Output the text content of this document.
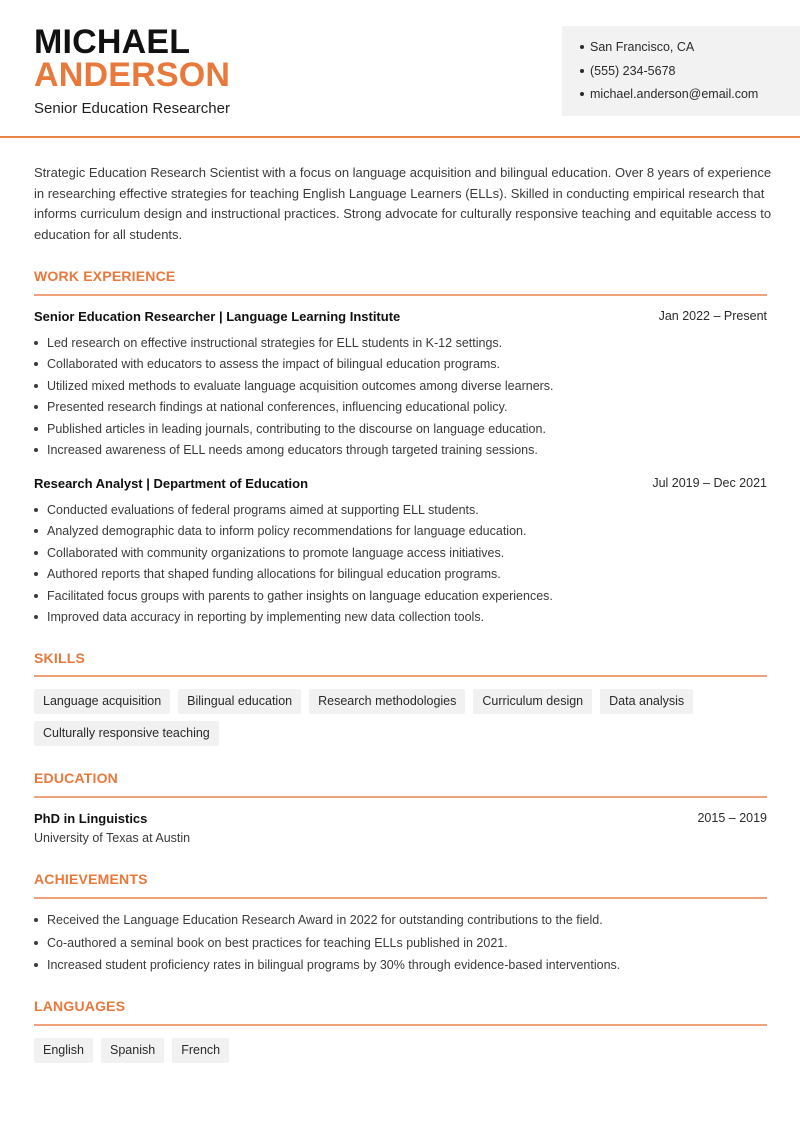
MICHAEL
ANDERSON
Senior Education Researcher
San Francisco, CA
(555) 234-5678
michael.anderson@email.com

Strategic Education Research Scientist with a focus on language acquisition and bilingual education. Over 8 years of experience in researching effective strategies for teaching English Language Learners (ELLs). Skilled in conducting empirical research that informs curriculum design and instructional practices. Strong advocate for culturally responsive teaching and equitable access to education for all students.

WORK EXPERIENCE
Senior Education Researcher | Language Learning Institute	Jan 2022 – Present
Led research on effective instructional strategies for ELL students in K-12 settings.
Collaborated with educators to assess the impact of bilingual education programs.
Utilized mixed methods to evaluate language acquisition outcomes among diverse learners.
Presented research findings at national conferences, influencing educational policy.
Published articles in leading journals, contributing to the discourse on language education.
Increased awareness of ELL needs among educators through targeted training sessions.
Research Analyst | Department of Education	Jul 2019 – Dec 2021
Conducted evaluations of federal programs aimed at supporting ELL students.
Analyzed demographic data to inform policy recommendations for language education.
Collaborated with community organizations to promote language access initiatives.
Authored reports that shaped funding allocations for bilingual education programs.
Facilitated focus groups with parents to gather insights on language education experiences.
Improved data accuracy in reporting by implementing new data collection tools.
SKILLS
Language acquisition	Bilingual education	Research methodologies	Curriculum design	Data analysis
Culturally responsive teaching
EDUCATION
PhD in Linguistics	2015 – 2019
University of Texas at Austin
ACHIEVEMENTS
Received the Language Education Research Award in 2022 for outstanding contributions to the field.
Co-authored a seminal book on best practices for teaching ELLs published in 2021.
Increased student proficiency rates in bilingual programs by 30% through evidence-based interventions.
LANGUAGES
English	Spanish	French
